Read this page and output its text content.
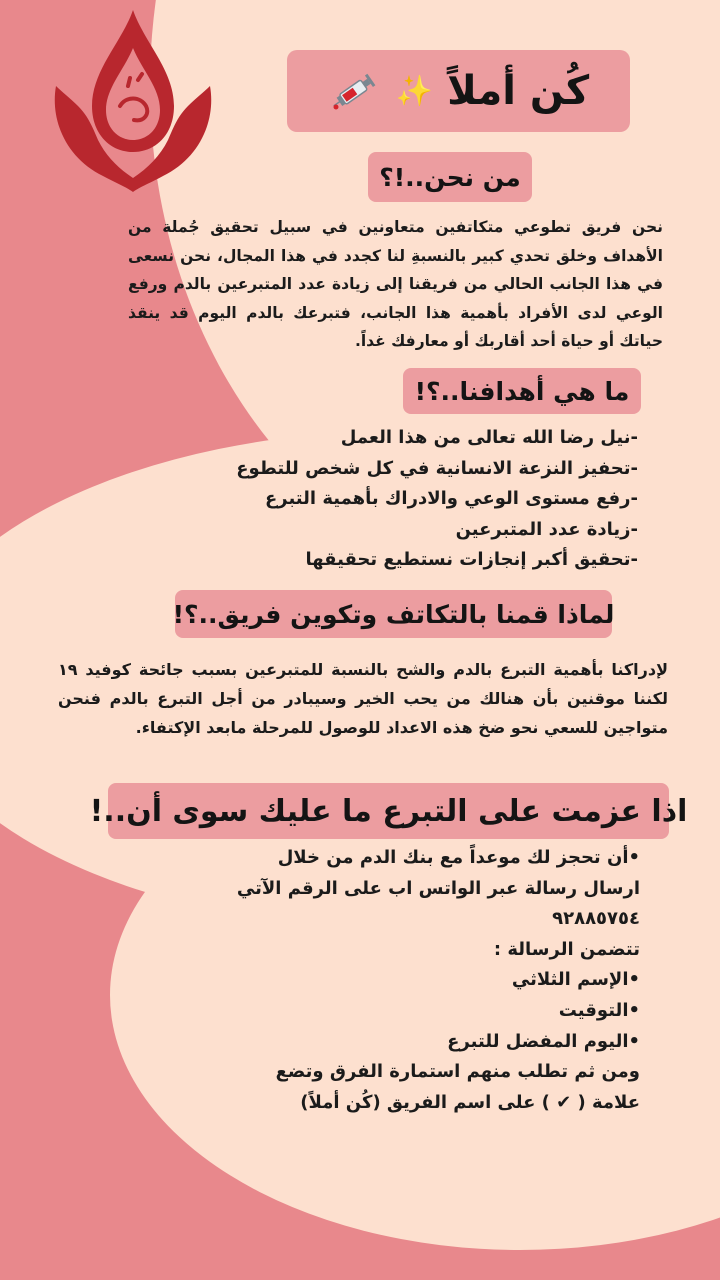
✨ كُن أملاً
من نحن..!؟

نحن فريق تطوعي متكاتفين متعاونين في سبيل تحقيق جُملة من الأهداف وخلق تحدي كبير بالنسبةِ لنا كجدد في هذا المجال، نحن نسعى في هذا الجانب الحالي من فريقنا إلى زيادة عدد المتبرعين بالدم ورفع الوعي لدى الأفراد بأهمية هذا الجانب، فتبرعك بالدم اليوم قد ينقذ حياتك أو حياة أحد أقاربك أو معارفك غداً.

ما هي أهدافنا..؟!
-نيل رضا الله تعالى من هذا العمل
-تحفيز النزعة الانسانية في كل شخص للتطوع
-رفع مستوى الوعي والادراك بأهمية التبرع
-زيادة عدد المتبرعين
-تحقيق أكبر إنجازات نستطيع تحقيقها
لماذا قمنا بالتكاتف وتكوين فريق..؟!

لإدراكنا بأهمية التبرع بالدم والشح بالنسبة للمتبرعين بسبب جائحة كوفيد ١٩ لكننا موقنين بأن هنالك من يحب الخير وسيبادر من أجل التبرع بالدم فنحن متواجين للسعي نحو ضخ هذه الاعداد للوصول للمرحلة مابعد الإكتفاء.

اذا عزمت على التبرع ما عليك سوى أن..!
•أن تحجز لك موعداً مع بنك الدم من خلال
ارسال رسالة عبر الواتس اب على الرقم الآتي
٩٢٨٨٥٧٥٤
تتضمن الرسالة :
•الإسم الثلاثي
•التوقيت
•اليوم المفضل للتبرع
ومن ثم تطلب منهم استمارة الفرق وتضع
علامة ( ✔ ) على اسم الفريق (كُن أملاً)
